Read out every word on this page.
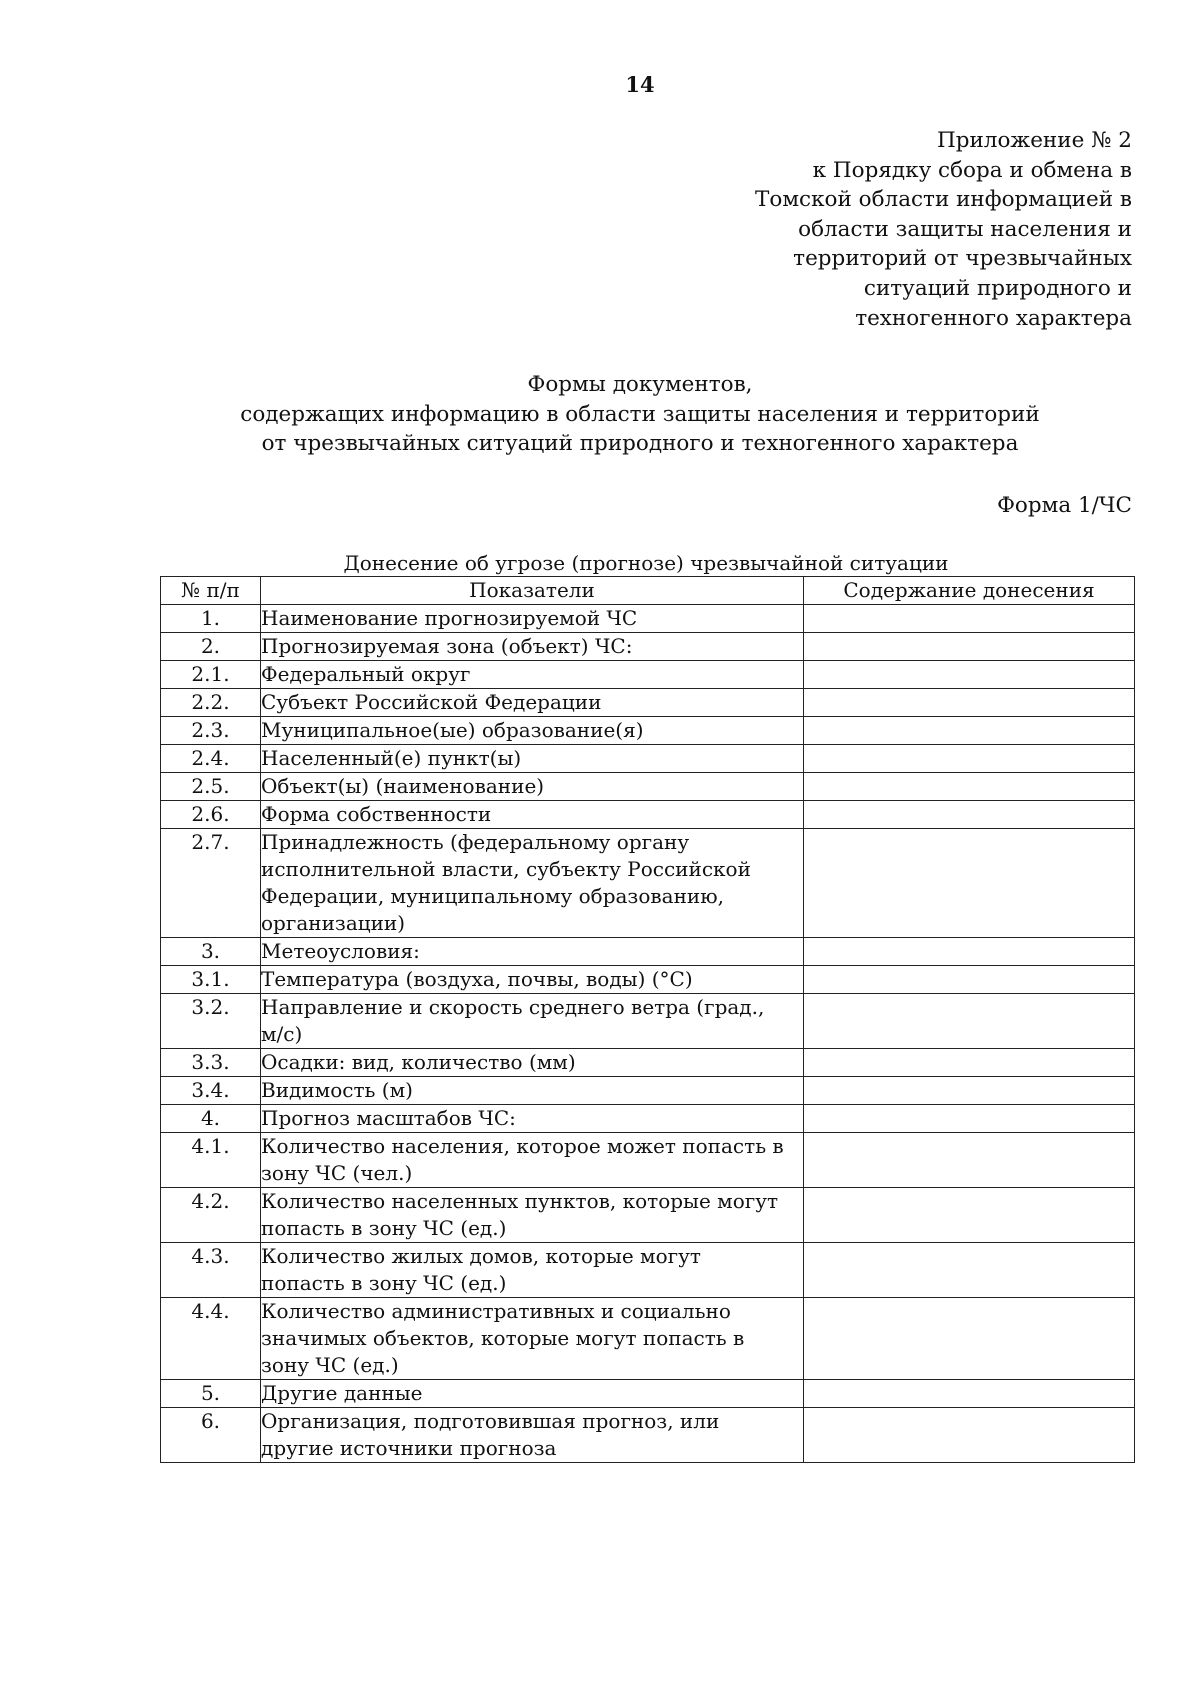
14
Приложение № 2
к Порядку сбора и обмена в
Томской области информацией в
области защиты населения и
территорий от чрезвычайных
ситуаций природного и
техногенного характера
Формы документов,
содержащих информацию в области защиты населения и территорий
от чрезвычайных ситуаций природного и техногенного характера
Форма 1/ЧС
Донесение об угрозе (прогнозе) чрезвычайной ситуации
№ п/п	Показатели	Содержание донесения
1.	Наименование прогнозируемой ЧС	

2.	Прогнозируемая зона (объект) ЧС:	

2.1.	Федеральный округ	

2.2.	Субъект Российской Федерации	

2.3.	Муниципальное(ые) образование(я)	

2.4.	Населенный(е) пункт(ы)	

2.5.	Объект(ы) (наименование)	

2.6.	Форма собственности	

2.7.	Принадлежность (федеральному органу
исполнительной власти, субъекту Российской
Федерации, муниципальному образованию,
организации)	

3.	Метеоусловия:	

3.1.	Температура (воздуха, почвы, воды) (°С)	

3.2.	Направление и скорость среднего ветра (град.,
м/с)	

3.3.	Осадки: вид, количество (мм)	

3.4.	Видимость (м)	

4.	Прогноз масштабов ЧС:	

4.1.	Количество населения, которое может попасть в
зону ЧС (чел.)	

4.2.	Количество населенных пунктов, которые могут
попасть в зону ЧС (ед.)	

4.3.	Количество жилых домов, которые могут
попасть в зону ЧС (ед.)	

4.4.	Количество административных и социально
значимых объектов, которые могут попасть в
зону ЧС (ед.)	

5.	Другие данные	

6.	Организация, подготовившая прогноз, или
другие источники прогноза	
